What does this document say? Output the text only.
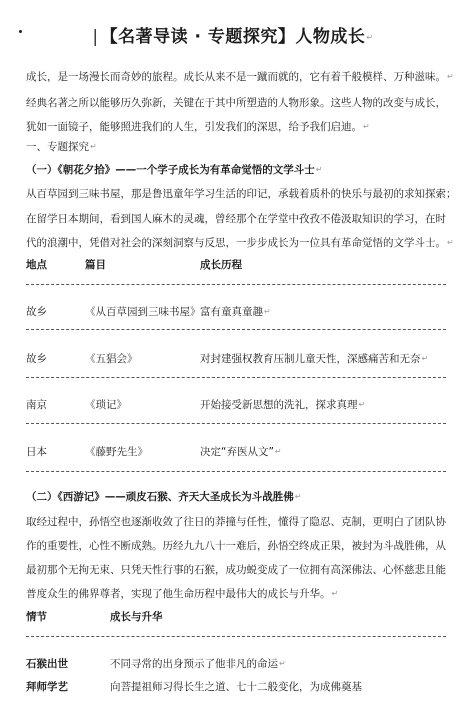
| 【名著导读 · 专题探究】人物成长↵
成长，是一场漫长而奇妙的旅程。成长从来不是一蹴而就的，它有着千般模样、万种滋味。↵
经典名著之所以能够历久弥新，关键在于其中所塑造的人物形象。这些人物的改变与成长，
犹如一面镜子，能够照进我们的人生，引发我们的深思，给予我们启迪。↵
一、专题探究↵
（一）《朝花夕拾》——一个学子成长为有革命觉悟的文学斗士↵
从百草园到三味书屋，那是鲁迅童年学习生活的印记，承载着质朴的快乐与最初的求知探索；
在留学日本期间，看到国人麻木的灵魂，曾经那个在学堂中孜孜不倦汲取知识的学习，在时
代的浪潮中，凭借对社会的深刻洞察与反思，一步步成长为一位具有革命觉悟的文学斗士。↵
地点	篇目	成长历程
故乡	《从百草园到三味书屋》 富有童真童趣↵
故乡	《五猖会》	对封建强权教育压制儿童天性，深感痛苦和无奈↵
南京	《琐记》	开始接受新思想的洗礼，探求真理↵
日本	《藤野先生》	决定“弃医从文”↵
（二）《西游记》——顽皮石猴、齐天大圣成长为斗战胜佛↵
取经过程中，孙悟空也逐渐收敛了往日的莽撞与任性，懂得了隐忍、克制，更明白了团队协
作的重要性，心性不断成熟。历经九九八十一难后，孙悟空终成正果，被封为斗战胜佛，从
最初那个无拘无束、只凭天性行事的石猴，成功蜕变成了一位拥有高深佛法、心怀慈悲且能
普度众生的佛界尊者，实现了他生命历程中最伟大的成长与升华。↵
情节	成长与升华
石猴出世	不同寻常的出身预示了他非凡的命运↵
拜师学艺	向菩提祖师习得长生之道、七十二般变化，为成佛奠基
